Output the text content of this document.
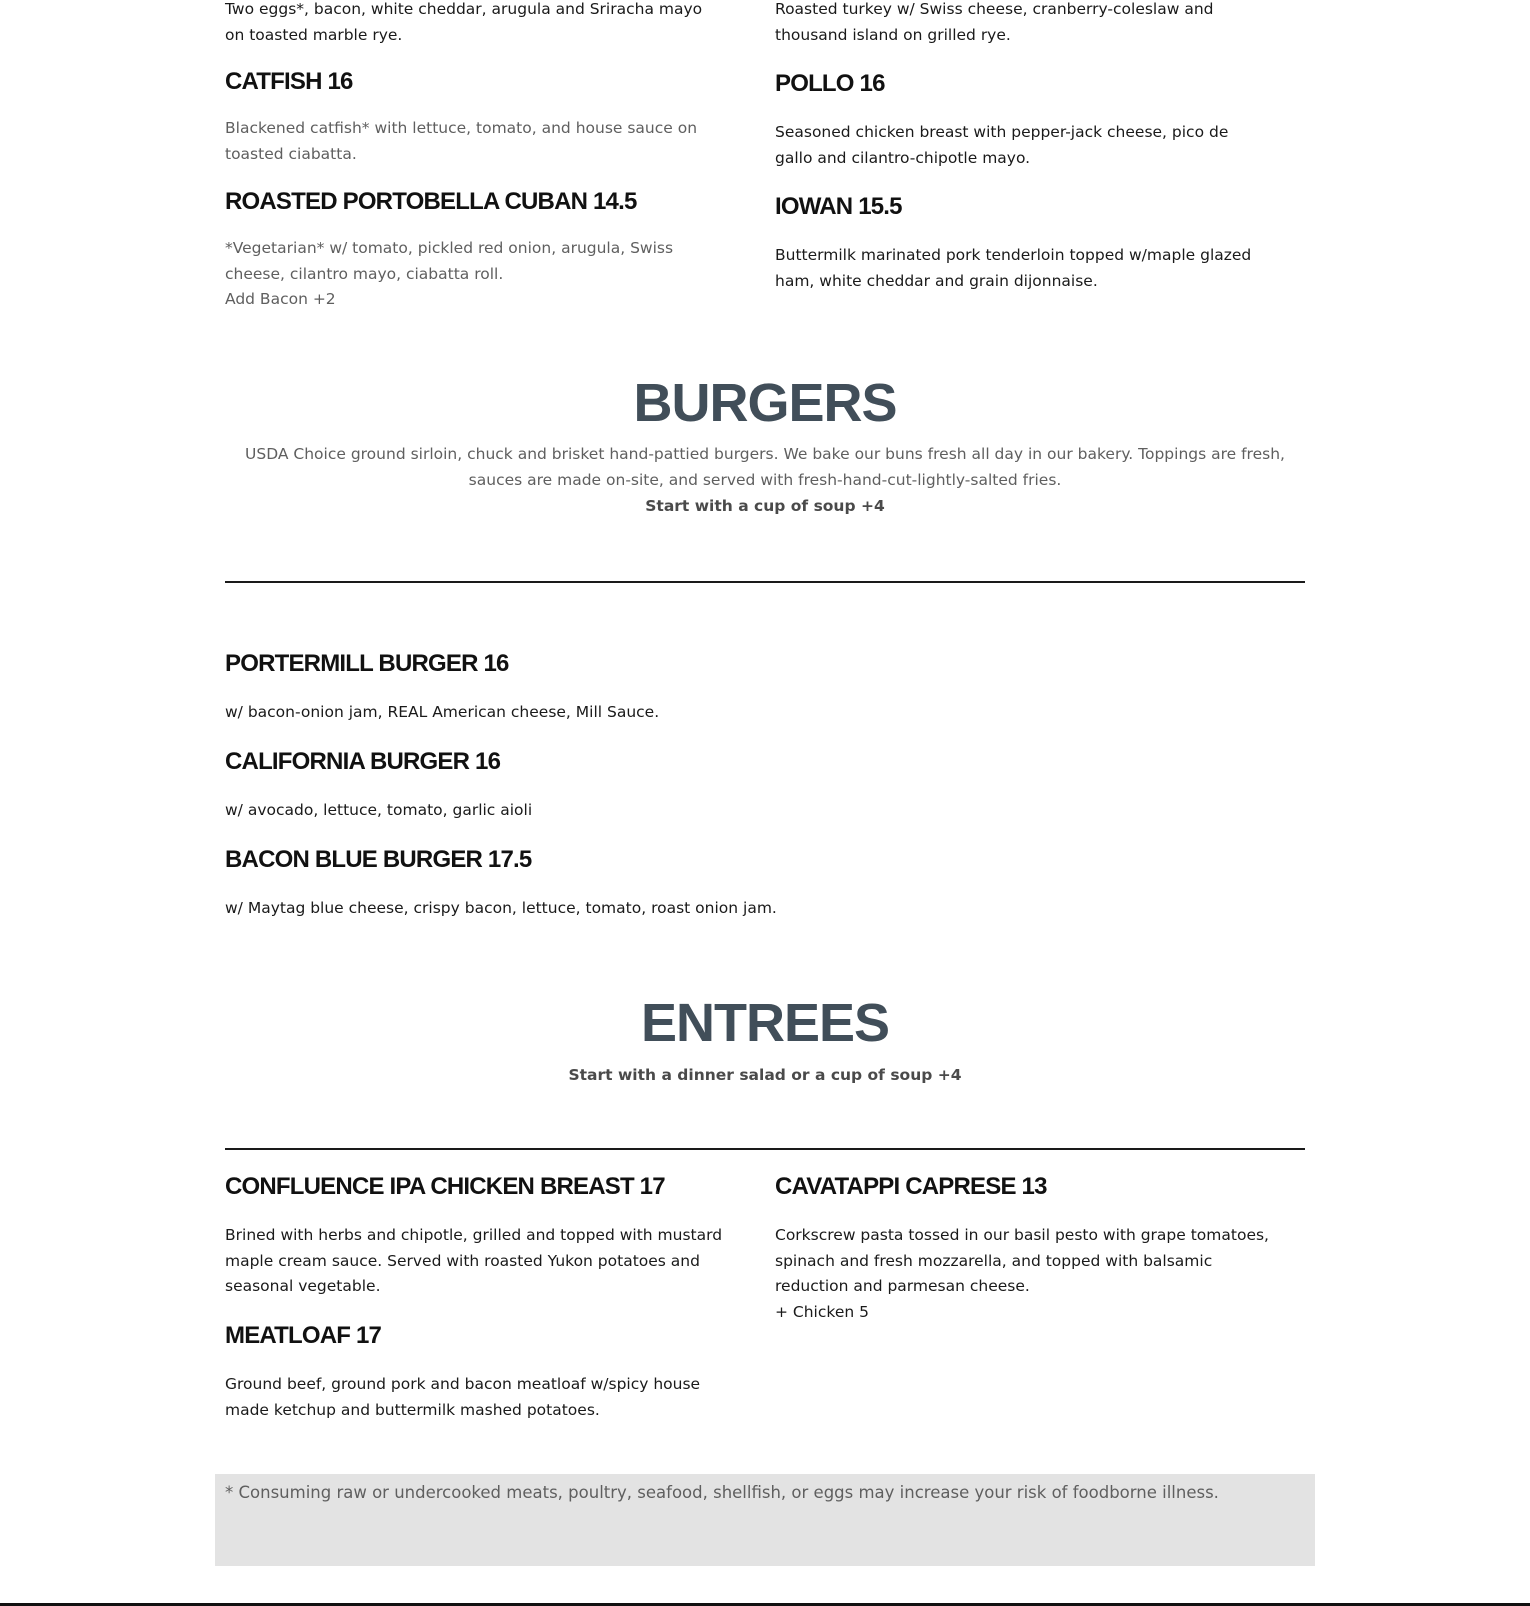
Two eggs*, bacon, white cheddar, arugula and Sriracha mayo
on toasted marble rye.
Roasted turkey w/ Swiss cheese, cranberry-coleslaw and
thousand island on grilled rye.
CATFISH 16
Blackened catfish* with lettuce, tomato, and house sauce on
toasted ciabatta.
ROASTED PORTOBELLA CUBAN 14.5
*Vegetarian* w/ tomato, pickled red onion, arugula, Swiss
cheese, cilantro mayo, ciabatta roll.
Add Bacon +2
POLLO 16
Seasoned chicken breast with pepper-jack cheese, pico de
gallo and cilantro-chipotle mayo.
IOWAN 15.5
Buttermilk marinated pork tenderloin topped w/maple glazed
ham, white cheddar and grain dijonnaise.
BURGERS
USDA Choice ground sirloin, chuck and brisket hand-pattied burgers. We bake our buns fresh all day in our bakery. Toppings are fresh,
sauces are made on-site, and served with fresh-hand-cut-lightly-salted fries.
Start with a cup of soup +4
PORTERMILL BURGER 16
w/ bacon-onion jam, REAL American cheese, Mill Sauce.
CALIFORNIA BURGER 16
w/ avocado, lettuce, tomato, garlic aioli
BACON BLUE BURGER 17.5
w/ Maytag blue cheese, crispy bacon, lettuce, tomato, roast onion jam.
ENTREES
Start with a dinner salad or a cup of soup +4
CONFLUENCE IPA CHICKEN BREAST 17
Brined with herbs and chipotle, grilled and topped with mustard
maple cream sauce. Served with roasted Yukon potatoes and
seasonal vegetable.
MEATLOAF 17
Ground beef, ground pork and bacon meatloaf w/spicy house
made ketchup and buttermilk mashed potatoes.
CAVATAPPI CAPRESE 13
Corkscrew pasta tossed in our basil pesto with grape tomatoes,
spinach and fresh mozzarella, and topped with balsamic
reduction and parmesan cheese.
+ Chicken 5
* Consuming raw or undercooked meats, poultry, seafood, shellfish, or eggs may increase your risk of foodborne illness.
